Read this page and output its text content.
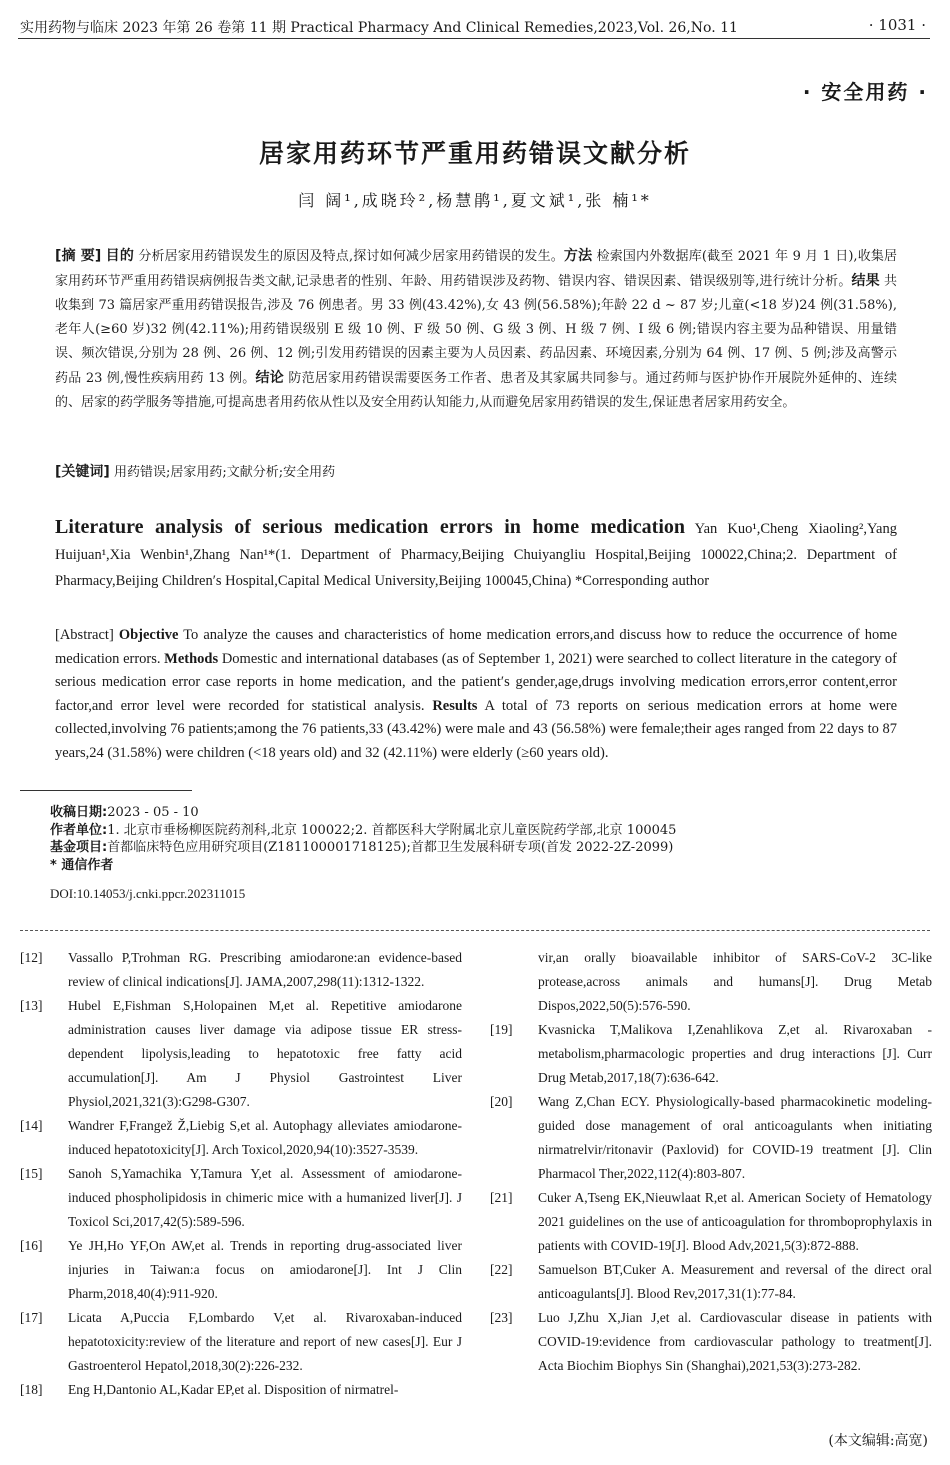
实用药物与临床 2023 年第 26 卷第 11 期 Practical Pharmacy And Clinical Remedies,2023,Vol. 26,No. 11	· 1031 ·
· 安全用药 ·
居家用药环节严重用药错误文献分析
闫 阔¹,成晓玲²,杨慧鹃¹,夏文斌¹,张 楠¹*
[摘 要] 目的 分析居家用药错误发生的原因及特点,探讨如何减少居家用药错误的发生。方法 检索国内外数据库(截至 2021 年 9 月 1 日),收集居家用药环节严重用药错误病例报告类文献,记录患者的性别、年龄、用药错误涉及药物、错误内容、错误因素、错误级别等,进行统计分析。结果 共收集到 73 篇居家严重用药错误报告,涉及 76 例患者。男 33 例(43.42%),女 43 例(56.58%);年龄 22 d ~ 87 岁;儿童(<18 岁)24 例(31.58%),老年人(≥60 岁)32 例(42.11%);用药错误级别 E 级 10 例、F 级 50 例、G 级 3 例、H 级 7 例、I 级 6 例;错误内容主要为品种错误、用量错误、频次错误,分别为 28 例、26 例、12 例;引发用药错误的因素主要为人员因素、药品因素、环境因素,分别为 64 例、17 例、5 例;涉及高警示药品 23 例,慢性疾病用药 13 例。结论 防范居家用药错误需要医务工作者、患者及其家属共同参与。通过药师与医护协作开展院外延伸的、连续的、居家的药学服务等措施,可提高患者用药依从性以及安全用药认知能力,从而避免居家用药错误的发生,保证患者居家用药安全。
[关键词] 用药错误;居家用药;文献分析;安全用药
Literature analysis of serious medication errors in home medication Yan Kuo¹,Cheng Xiaoling²,Yang Huijuan¹,Xia Wenbin¹,Zhang Nan¹*(1. Department of Pharmacy,Beijing Chuiyangliu Hospital,Beijing 100022,China;2. Department of Pharmacy,Beijing Children′s Hospital,Capital Medical University,Beijing 100045,China) *Corresponding author
[Abstract] Objective To analyze the causes and characteristics of home medication errors,and discuss how to reduce the occurrence of home medication errors. Methods Domestic and international databases (as of September 1, 2021) were searched to collect literature in the category of serious medication error case reports in home medication, and the patient′s gender,age,drugs involving medication errors,error content,error factor,and error level were recorded for statistical analysis. Results A total of 73 reports on serious medication errors at home were collected,involving 76 patients;among the 76 patients,33 (43.42%) were male and 43 (56.58%) were female;their ages ranged from 22 days to 87 years,24 (31.58%) were children (<18 years old) and 32 (42.11%) were elderly (≥60 years old).
收稿日期:2023 - 05 - 10
作者单位:1. 北京市垂杨柳医院药剂科,北京 100022;2. 首都医科大学附属北京儿童医院药学部,北京 100045
基金项目:首都临床特色应用研究项目(Z181100001718125);首都卫生发展科研专项(首发 2022-2Z-2099)
* 通信作者
DOI:10.14053/j.cnki.ppcr.202311015
[12] Vassallo P,Trohman RG. Prescribing amiodarone:an evidence-based review of clinical indications[J]. JAMA,2007,298(11):1312-1322.
[13] Hubel E,Fishman S,Holopainen M,et al. Repetitive amiodarone administration causes liver damage via adipose tissue ER stress-dependent lipolysis,leading to hepatotoxic free fatty acid accumulation[J]. Am J Physiol Gastrointest Liver Physiol,2021,321(3):G298-G307.
[14] Wandrer F,Frangež Ž,Liebig S,et al. Autophagy alleviates amiodarone-induced hepatotoxicity[J]. Arch Toxicol,2020,94(10):3527-3539.
[15] Sanoh S,Yamachika Y,Tamura Y,et al. Assessment of amiodarone-induced phospholipidosis in chimeric mice with a humanized liver[J]. J Toxicol Sci,2017,42(5):589-596.
[16] Ye JH,Ho YF,On AW,et al. Trends in reporting drug-associated liver injuries in Taiwan:a focus on amiodarone[J]. Int J Clin Pharm,2018,40(4):911-920.
[17] Licata A,Puccia F,Lombardo V,et al. Rivaroxaban-induced hepatotoxicity:review of the literature and report of new cases[J]. Eur J Gastroenterol Hepatol,2018,30(2):226-232.
[18] Eng H,Dantonio AL,Kadar EP,et al. Disposition of nirmatrel-
vir,an orally bioavailable inhibitor of SARS-CoV-2 3C-like protease,across animals and humans[J]. Drug Metab Dispos,2022,50(5):576-590.
[19] Kvasnicka T,Malikova I,Zenahlikova Z,et al. Rivaroxaban - metabolism,pharmacologic properties and drug interactions [J]. Curr Drug Metab,2017,18(7):636-642.
[20] Wang Z,Chan ECY. Physiologically-based pharmacokinetic modeling-guided dose management of oral anticoagulants when initiating nirmatrelvir/ritonavir (Paxlovid) for COVID-19 treatment [J]. Clin Pharmacol Ther,2022,112(4):803-807.
[21] Cuker A,Tseng EK,Nieuwlaat R,et al. American Society of Hematology 2021 guidelines on the use of anticoagulation for thromboprophylaxis in patients with COVID-19[J]. Blood Adv,2021,5(3):872-888.
[22] Samuelson BT,Cuker A. Measurement and reversal of the direct oral anticoagulants[J]. Blood Rev,2017,31(1):77-84.
[23] Luo J,Zhu X,Jian J,et al. Cardiovascular disease in patients with COVID-19:evidence from cardiovascular pathology to treatment[J]. Acta Biochim Biophys Sin (Shanghai),2021,53(3):273-282.
(本文编辑:高宽)
